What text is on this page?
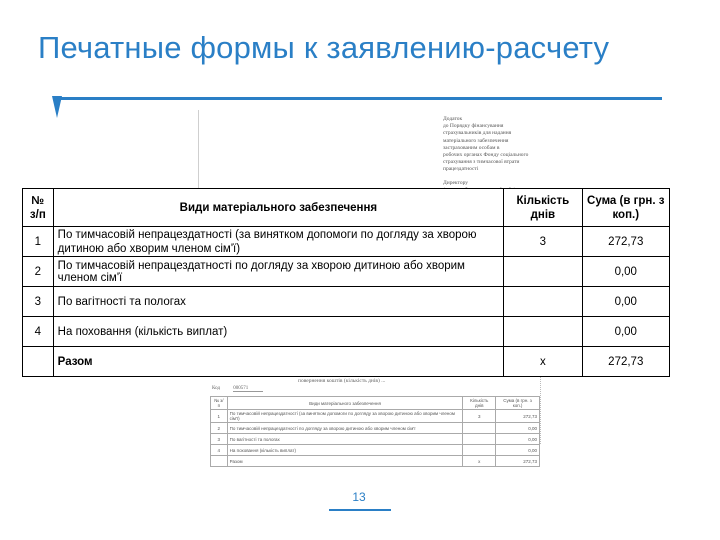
Печатные формы к заявлению-расчету
Додаток
до Порядку фінансування
страхувальників для надання
матеріального забезпечення
застрахованим особам в
робочих органах Фонду соціального
страхування з тимчасової втрати
працездатності
Директору
повернення коштів (кількість днів) ...
Код	000571
№ з/п	Види матеріального забезпечення	Кількість днів	Сума (в грн. з коп.)
1	По тимчасовій непрацездатності (за винятком допомоги по догляду за хворою дитиною або хворим членом сім'ї)	3	272,73
2	По тимчасовій непрацездатності по догляду за хворою дитиною або хворим членом сім'ї		0,00
3	По вагітності та пологах		0,00
4	На поховання (кількість виплат)		0,00
	Разом	x	272,73
№ з/п	Види матеріального забезпечення	Кількість днів	Сума (в грн. з коп.)
1	По тимчасовій непрацездатності (за винятком допомоги по догляду за хворою дитиною або хворим членом сім'ї)	3	272,73
2	По тимчасовій непрацездатності по догляду за хворою дитиною або хворим членом сім'ї		0,00
3	По вагітності та пологах		0,00
4	На поховання (кількість виплат)		0,00
	Разом	x	272,73
13
